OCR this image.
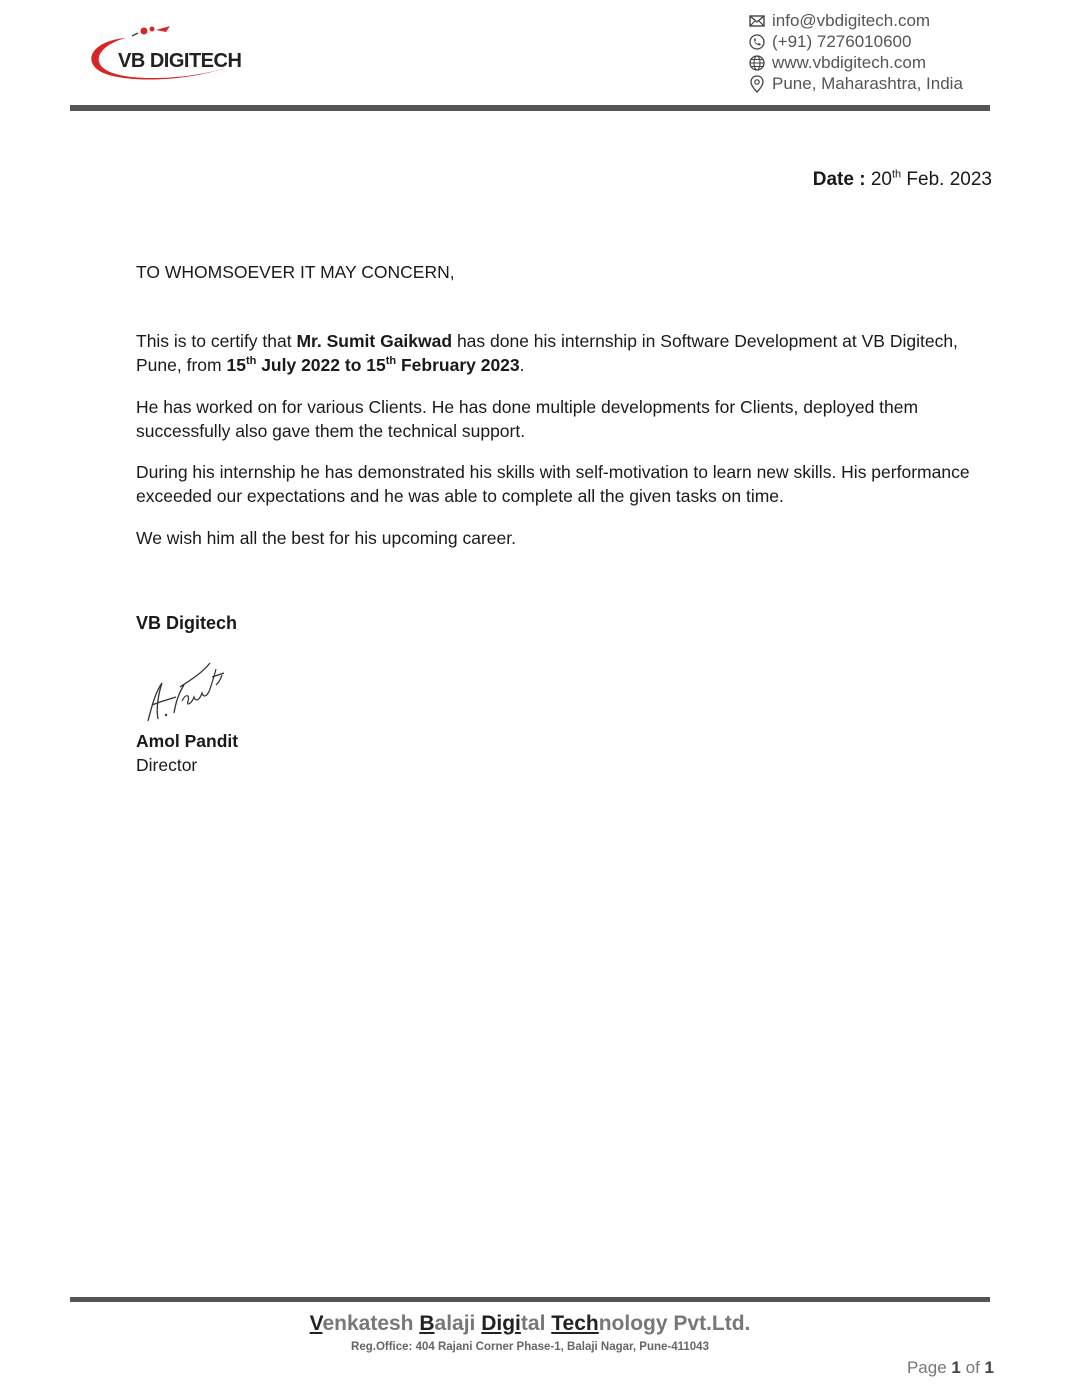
VB DIGITECH
info@vbdigitech.com
(+91) 7276010600
www.vbdigitech.com
Pune, Maharashtra, India
Date : 20th Feb. 2023
TO WHOMSOEVER IT MAY CONCERN,
This is to certify that Mr. Sumit Gaikwad has done his internship in Software Development at VB Digitech, Pune, from 15th July 2022 to 15th February 2023.
He has worked on for various Clients. He has done multiple developments for Clients, deployed them successfully also gave them the technical support.
During his internship he has demonstrated his skills with self-motivation to learn new skills. His performance exceeded our expectations and he was able to complete all the given tasks on time.
We wish him all the best for his upcoming career.
VB Digitech
Amol Pandit
Director
Venkatesh Balaji Digital Technology Pvt.Ltd.
Reg.Office: 404 Rajani Corner Phase-1, Balaji Nagar, Pune-411043
Page 1 of 1
